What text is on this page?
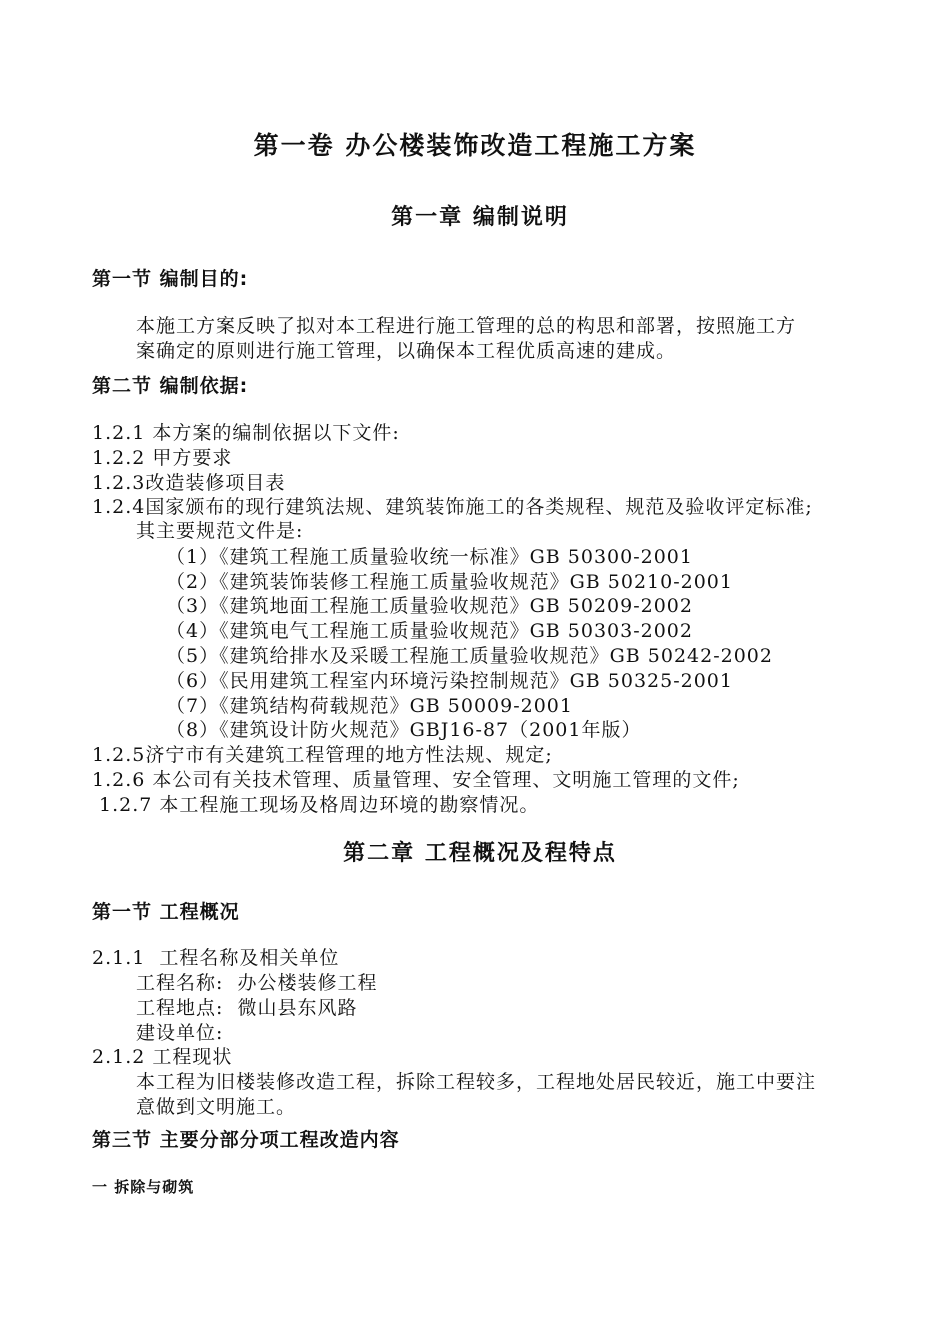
第一卷 办公楼装饰改造工程施工方案
第一章 编制说明
第一节 编制目的:
本施工方案反映了拟对本工程进行施工管理的总的构思和部署，按照施工方
案确定的原则进行施工管理，以确保本工程优质高速的建成。
第二节 编制依据:
1.2.1 本方案的编制依据以下文件:
1.2.2 甲方要求
1.2.3改造装修项目表
1.2.4国家颁布的现行建筑法规、建筑装饰施工的各类规程、规范及验收评定标准;
其主要规范文件是:
（1）《建筑工程施工质量验收统一标准》GB 50300-2001
（2）《建筑装饰装修工程施工质量验收规范》GB 50210-2001
（3）《建筑地面工程施工质量验收规范》GB 50209-2002
（4）《建筑电气工程施工质量验收规范》GB 50303-2002
（5）《建筑给排水及采暖工程施工质量验收规范》GB 50242-2002
（6）《民用建筑工程室内环境污染控制规范》GB 50325-2001
（7）《建筑结构荷载规范》GB 50009-2001
（8）《建筑设计防火规范》GBJ16-87（2001年版）
1.2.5济宁市有关建筑工程管理的地方性法规、规定;
1.2.6 本公司有关技术管理、质量管理、安全管理、文明施工管理的文件;
1.2.7 本工程施工现场及格周边环境的勘察情况。
第二章 工程概况及程特点
第一节 工程概况
2.1.1  工程名称及相关单位
工程名称:  办公楼装修工程
工程地点:  微山县东风路
建设单位:
2.1.2 工程现状
本工程为旧楼装修改造工程，拆除工程较多，工程地处居民较近，施工中要注
意做到文明施工。
第三节 主要分部分项工程改造内容
一 拆除与砌筑
